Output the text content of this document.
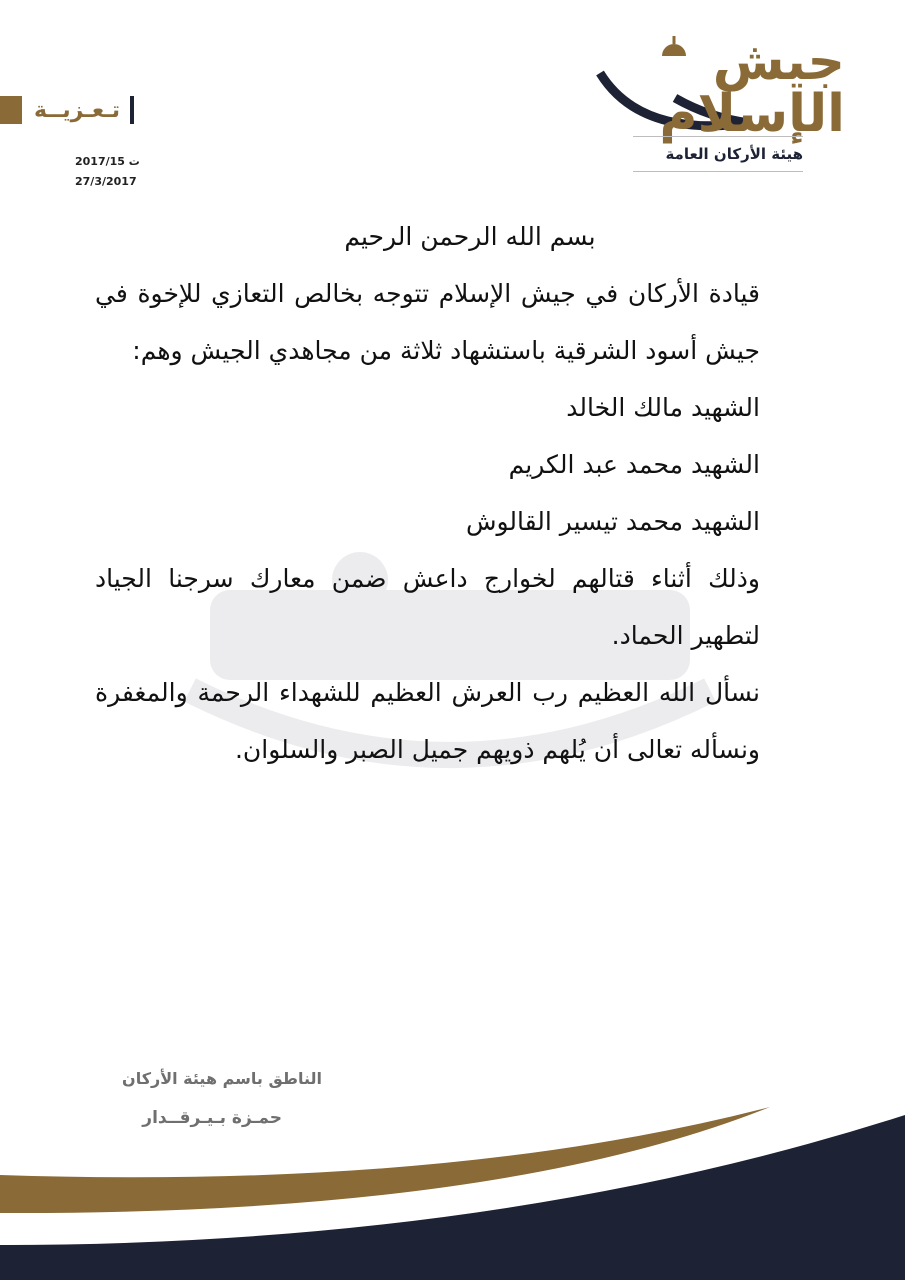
جيش الإسلام
هيئة الأركان العامة
تـعـزيــة
ت 2017/15
27/3/2017

بسم الله الرحمن الرحيم

قيادة الأركان في جيش الإسلام تتوجه بخالص التعازي للإخوة في جيش أسود الشرقية باستشهاد ثلاثة من مجاهدي الجيش وهم:

الشهيد مالك الخالد

الشهيد محمد عبد الكريم

الشهيد محمد تيسير القالوش

وذلك أثناء قتالهم لخوارج داعش ضمن معارك سرجنا الجياد لتطهير الحماد.

نسأل الله العظيم رب العرش العظيم للشهداء الرحمة والمغفرة ونسأله تعالى أن يُلهم ذويهم جميل الصبر والسلوان.

الناطق باسم هيئة الأركان
حمـزة بـيـرقــدار
